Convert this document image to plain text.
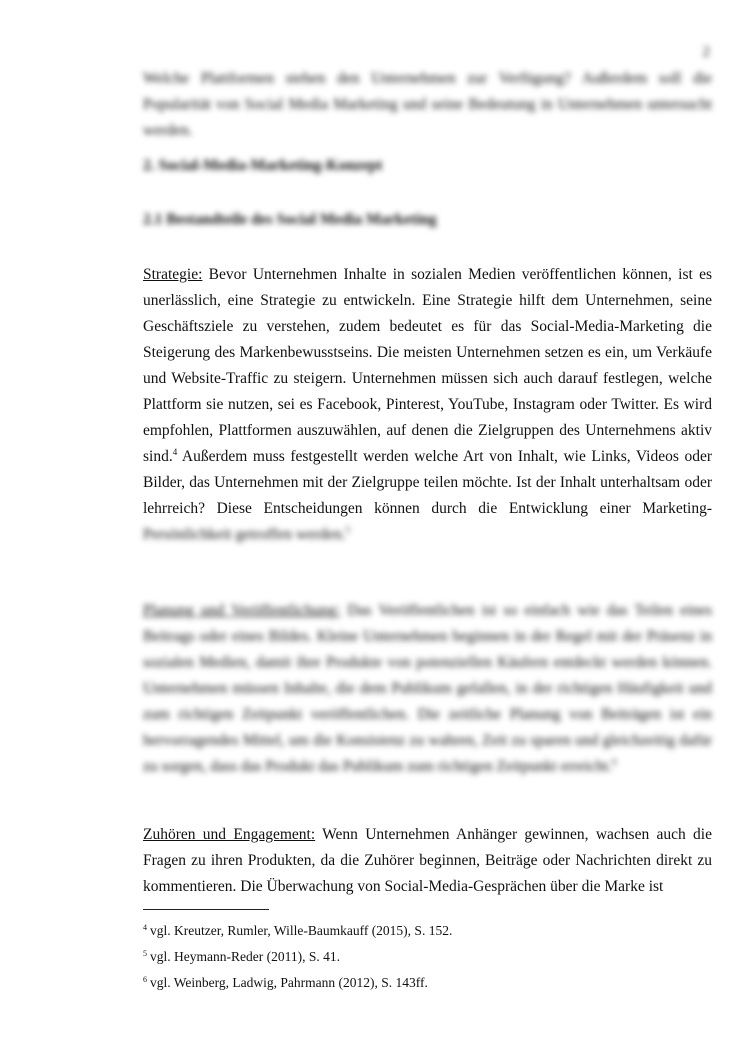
2
Welche Plattformen stehen den Unternehmen zur Verfügung? Außerdem soll die Popularität von Social Media Marketing und seine Bedeutung in Unternehmen untersucht werden.
2. Social-Media-Marketing-Konzept
2.1 Bestandteile des Social Media Marketing
Strategie: Bevor Unternehmen Inhalte in sozialen Medien veröffentlichen können, ist es unerlässlich, eine Strategie zu entwickeln. Eine Strategie hilft dem Unternehmen, seine Geschäftsziele zu verstehen, zudem bedeutet es für das Social-Media-Marketing die Steigerung des Markenbewusstseins. Die meisten Unternehmen setzen es ein, um Verkäufe und Website-Traffic zu steigern. Unternehmen müssen sich auch darauf festlegen, welche Plattform sie nutzen, sei es Facebook, Pinterest, YouTube, Instagram oder Twitter. Es wird empfohlen, Plattformen auszuwählen, auf denen die Zielgruppen des Unternehmens aktiv sind.$^4$ Außerdem muss festgestellt werden welche Art von Inhalt, wie Links, Videos oder Bilder, das Unternehmen mit der Zielgruppe teilen möchte. Ist der Inhalt unterhaltsam oder lehrreich? Diese Entscheidungen können durch die Entwicklung einer Marketing- Persönlichkeit getroffen werden.$^5$
Planung und Veröffentlichung: Das Veröffentlichen ist so einfach wie das Teilen eines Beitrags oder eines Bildes. Kleine Unternehmen beginnen in der Regel mit der Präsenz in sozialen Medien, damit ihre Produkte von potenziellen Käufern entdeckt werden können. Unternehmen müssen Inhalte, die dem Publikum gefallen, in der richtigen Häufigkeit und zum richtigen Zeitpunkt veröffentlichen. Die zeitliche Planung von Beiträgen ist ein hervorragendes Mittel, um die Konsistenz zu wahren, Zeit zu sparen und gleichzeitig dafür zu sorgen, dass das Produkt das Publikum zum richtigen Zeitpunkt erreicht.$^6$
Zuhören und Engagement: Wenn Unternehmen Anhänger gewinnen, wachsen auch die Fragen zu ihren Produkten, da die Zuhörer beginnen, Beiträge oder Nachrichten direkt zu kommentieren. Die Überwachung von Social-Media-Gesprächen über die Marke ist
$^4$ vgl. Kreutzer, Rumler, Wille-Baumkauff (2015), S. 152.
$^5$ vgl. Heymann-Reder (2011), S. 41.
$^6$ vgl. Weinberg, Ladwig, Pahrmann (2012), S. 143ff.
